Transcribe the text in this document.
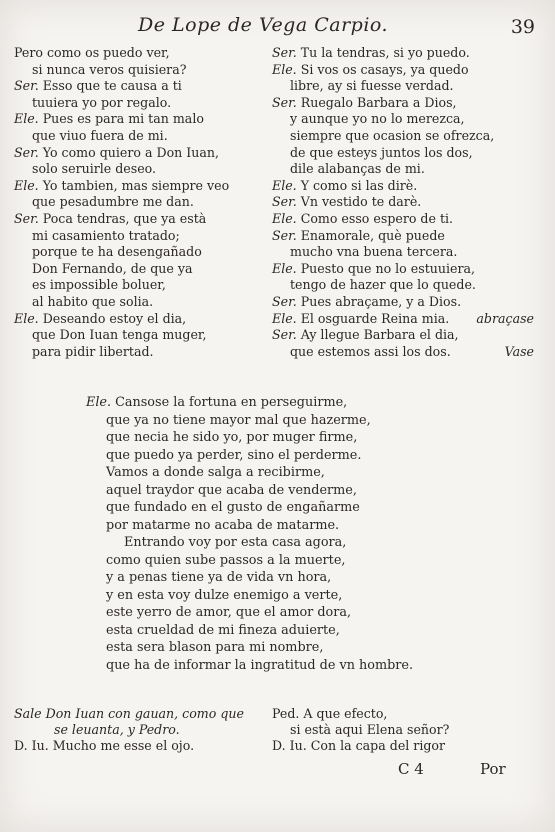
De Lope de Vega Carpio.	39
Pero como os puedo ver,
si nunca veros quisiera?
Ser. Esso que te causa a ti
tuuiera yo por regalo.
Ele. Pues es para mi tan malo
que viuo fuera de mi.
Ser. Yo como quiero a Don Iuan,
solo seruirle deseo.
Ele. Yo tambien, mas siempre veo
que pesadumbre me dan.
Ser. Poca tendras, que ya està
mi casamiento tratado;
porque te ha desengañado
Don Fernando, de que ya
es impossible boluer,
al habito que solia.
Ele. Deseando estoy el dia,
que Don Iuan tenga muger,
para pidir libertad.
Ser. Tu la tendras, si yo puedo.
Ele. Si vos os casays, ya quedo
libre, ay si fuesse verdad.
Ser. Ruegalo Barbara a Dios,
y aunque yo no lo merezca,
siempre que ocasion se ofrezca,
de que esteys juntos los dos,
dile alabanças de mi.
Ele. Y como si las dirè.
Ser. Vn vestido te darè.
Ele. Como esso espero de ti.
Ser. Enamorale, què puede
mucho vna buena tercera.
Ele. Puesto que no lo estuuiera,
tengo de hazer que lo quede.
Ser. Pues abraçame, y a Dios.
Ele. El osguarde Reina mia. abraçase
Ser. Ay llegue Barbara el dia,
que estemos assi los dos.	Vase
Ele. Cansose la fortuna en perseguirme,
que ya no tiene mayor mal que hazerme,
que necia he sido yo, por muger firme,
que puedo ya perder, sino el perderme.
Vamos a donde salga a recibirme,
aquel traydor que acaba de venderme,
que fundado en el gusto de engañarme
por matarme no acaba de matarme.
Entrando voy por esta casa agora,
como quien sube passos a la muerte,
y a penas tiene ya de vida vn hora,
y en esta voy dulze enemigo a verte,
este yerro de amor, que el amor dora,
esta crueldad de mi fineza aduierte,
esta sera blason para mi nombre,
que ha de informar la ingratitud de vn hombre.
Sale Don Iuan con gauan, como que
se leuanta, y Pedro.
D. Iu. Mucho me esse el ojo.
Ped. A que efecto,
si està aqui Elena señor?
D. Iu. Con la capa del rigor
C 4	Por
